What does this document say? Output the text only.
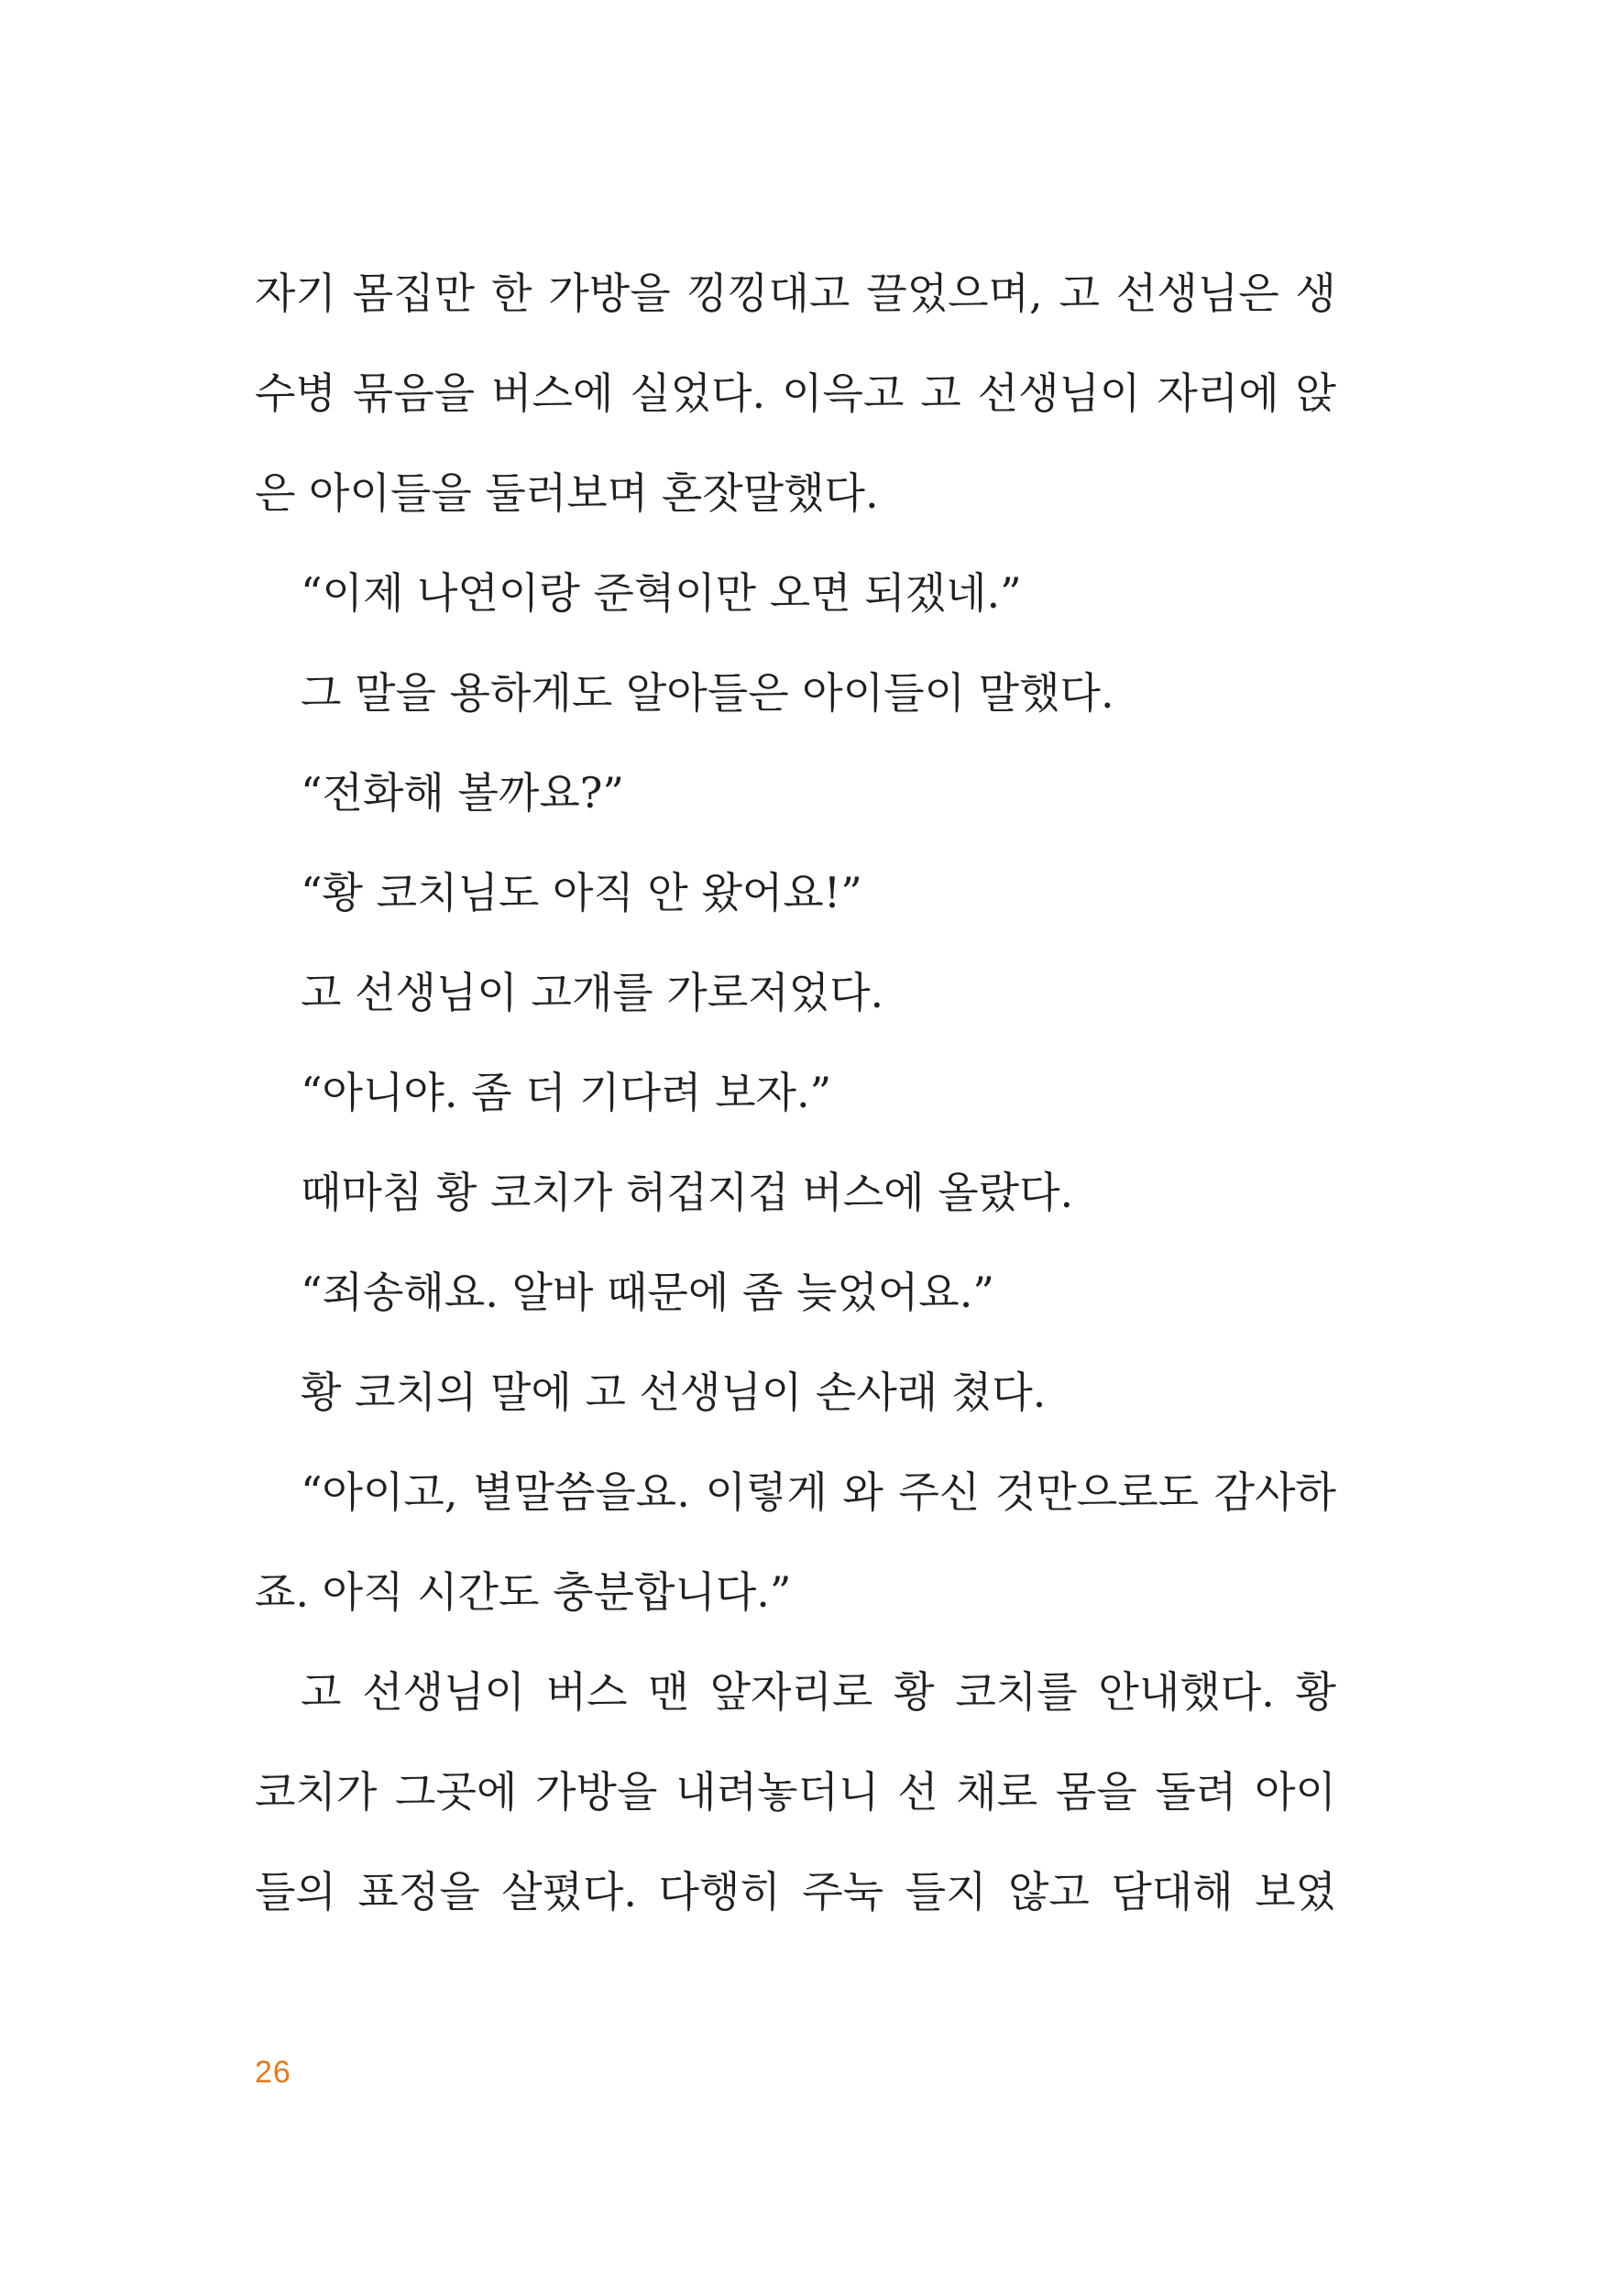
자기 몸집만 한 가방을 낑낑대고 끌었으며, 고 선생님은 생
수병 묶음을 버스에 실었다. 이윽고 고 선생님이 자리에 앉
은 아이들을 둘러보며 혼잣말했다.
“이제 나연이랑 준혁이만 오면 되겠네.”
그 말을 용하게도 알아들은 아이들이 말했다.
“전화해 볼까요?”
“황 코치님도 아직 안 왔어요!”
고 선생님이 고개를 가로저었다.
“아니야. 좀 더 기다려 보자.”
때마침 황 코치가 허겁지겁 버스에 올랐다.
“죄송해요. 알바 때문에 좀 늦었어요.”
황 코치의 말에 고 선생님이 손사래 쳤다.
“아이고, 별말씀을요. 이렇게 와 주신 것만으로도 감사하
죠. 아직 시간도 충분합니다.”
고 선생님이 버스 맨 앞자리로 황 코치를 안내했다. 황
코치가 그곳에 가방을 내려놓더니 선 채로 몸을 돌려 아이
들의 표정을 살폈다. 다행히 주눅 들지 않고 담대해 보였
26
